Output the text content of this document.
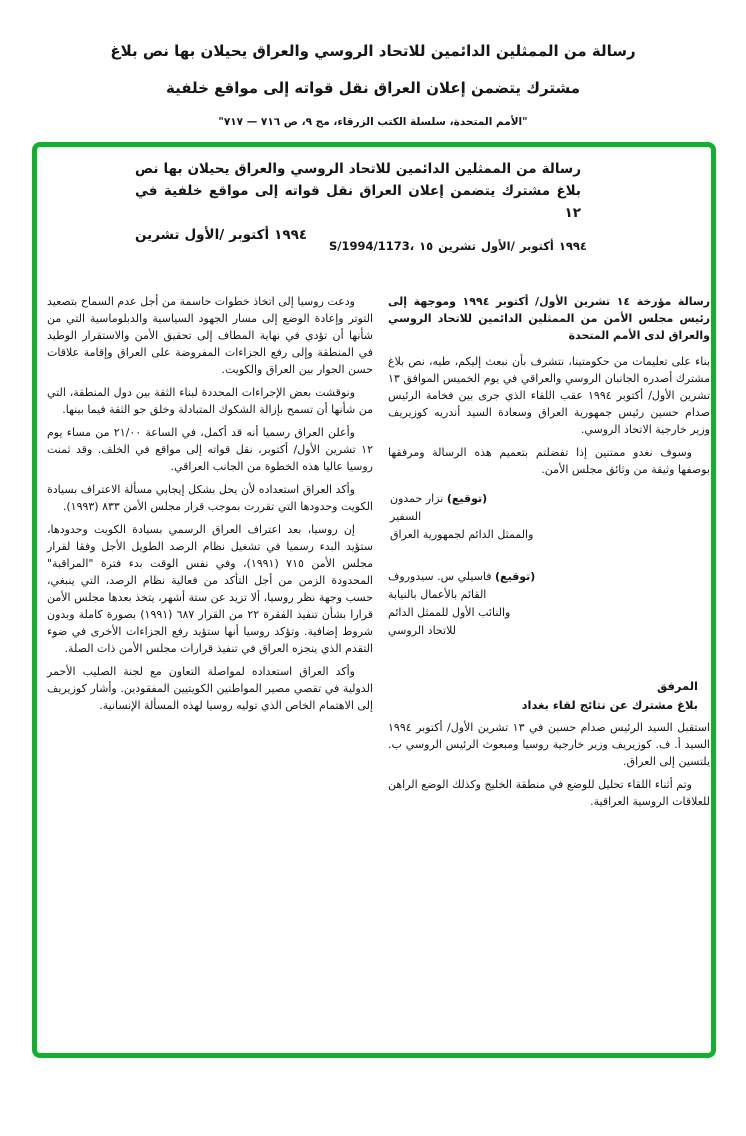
رسالة من الممثلين الدائمين للاتحاد الروسي والعراق يحيلان بها نص بلاغ
مشترك يتضمن إعلان العراق نقل قواته إلى مواقع خلفية
"الأمم المتحدة، سلسلة الكتب الزرقاء، مج ٩، ص ٧١٦ — ٧١٧"
رسالة من الممثلين الدائمين للاتحاد الروسي والعراق يحيلان بها نص
بلاغ مشترك يتضمن إعلان العراق نقل قواته إلى مواقع خلفية في ١٢
تشرين الأول/ أكتوبر ١٩٩٤
S/1994/1173، ١٥ تشرين الأول/ أكتوبر ١٩٩٤

رسالة مؤرخة ١٤ تشرين الأول/ أكتوبر ١٩٩٤ وموجهة إلى رئيس مجلس الأمن من الممثلين الدائمين للاتحاد الروسي والعراق لدى الأمم المتحدة

بناء على تعليمات من حكومتينا، نتشرف بأن نبعث إليكم، طيه، نص بلاغ مشترك أصدره الجانبان الروسي والعراقي في يوم الخميس الموافق ١٣ تشرين الأول/ أكتوبر ١٩٩٤ عقب اللقاء الذي جرى بين فخامة الرئيس صدام حسين رئيس جمهورية العراق وسعادة السيد أندريه كوزيريف وزير خارجية الاتحاد الروسي.

وسوف نغدو ممتنين إذا تفضلتم بتعميم هذه الرسالة ومرفقها بوصفها وثيقة من وثائق مجلس الأمن.

(توقيع) نزار حمدون
السفير
والممثل الدائم لجمهورية العراق
(توقيع) فاسيلي س. سيدوروف
القائم بالأعمال بالنيابة
والنائب الأول للممثل الدائم
للاتحاد الروسي
المرفق
بلاغ مشترك عن نتائج لقاء بغداد

استقبل السيد الرئيس صدام حسين في ١٣ تشرين الأول/ أكتوبر ١٩٩٤ السيد أ. ف. كوزيريف وزير خارجية روسيا ومبعوث الرئيس الروسي ب. يلتسين إلى العراق.

وتم أثناء اللقاء تحليل للوضع في منطقة الخليج وكذلك الوضع الراهن للعلاقات الروسية العراقية.

ودعت روسيا إلى اتخاذ خطوات حاسمة من أجل عدم السماح بتصعيد التوتر وإعادة الوضع إلى مسار الجهود السياسية والدبلوماسية التي من شأنها أن تؤدي في نهاية المطاف إلى تحقيق الأمن والاستقرار الوطيد في المنطقة وإلى رفع الجزاءات المفروضة على العراق وإقامة علاقات حسن الجوار بين العراق والكويت.

ونوقشت بعض الإجراءات المحددة لبناء الثقة بين دول المنطقة، التي من شأنها أن تسمح بإزالة الشكوك المتبادلة وخلق جو الثقة فيما بينها.

وأعلن العراق رسميا أنه قد أكمل، في الساعة ٢١/٠٠ من مساء يوم ١٢ تشرين الأول/ أكتوبر، نقل قواته إلى مواقع في الخلف. وقد ثمنت روسيا عاليا هذه الخطوة من الجانب العراقي.

وأكد العراق استعداده لأن يحل بشكل إيجابي مسألة الاعتراف بسيادة الكويت وحدودها التي تقررت بموجب قرار مجلس الأمن ٨٣٣ (١٩٩٣).

إن روسيا، بعد اعتراف العراق الرسمي بسيادة الكويت وحدودها، ستؤيد البدء رسميا في تشغيل نظام الرصد الطويل الأجل وفقا لقرار مجلس الأمن ٧١٥ (١٩٩١)، وفي نفس الوقت بدء فترة "المراقبة" المحدودة الزمن من أجل التأكد من فعالية نظام الرصد، التي ينبغي، حسب وجهة نظر روسيا، ألا تزيد عن ستة أشهر، يتخذ بعدها مجلس الأمن قرارا بشأن تنفيذ الفقرة ٢٢ من القرار ٦٨٧ (١٩٩١) بصورة كاملة وبدون شروط إضافية. وتؤكد روسيا أنها ستؤيد رفع الجزاءات الأخرى في ضوء التقدم الذي ينجزه العراق في تنفيذ قرارات مجلس الأمن ذات الصلة.

وأكد العراق استعداده لمواصلة التعاون مع لجنة الصليب الأحمر الدولية في تقصي مصير المواطنين الكويتيين المفقودين. وأشار كوزيريف إلى الاهتمام الخاص الذي توليه روسيا لهذه المسألة الإنسانية.
